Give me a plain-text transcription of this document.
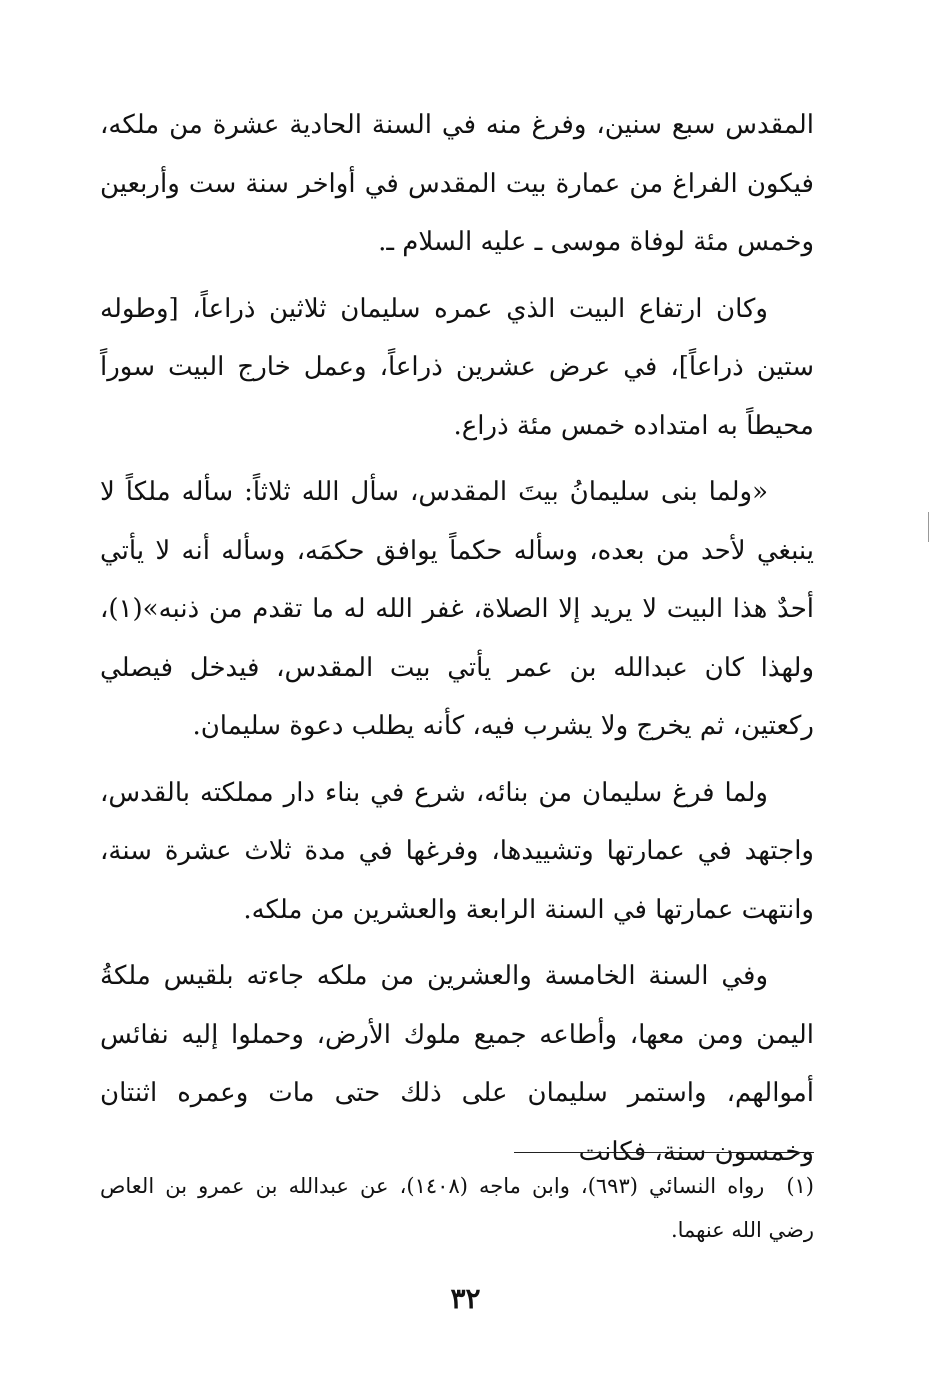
المقدس سبع سنين، وفرغ منه في السنة الحادية عشرة من ملكه، فيكون الفراغ من عمارة بيت المقدس في أواخر سنة ست وأربعين وخمس مئة لوفاة موسى ـ عليه السلام ـ.

وكان ارتفاع البيت الذي عمره سليمان ثلاثين ذراعاً، [وطوله ستين ذراعاً]، في عرض عشرين ذراعاً، وعمل خارج البيت سوراً محيطاً به امتداده خمس مئة ذراع.

«ولما بنى سليمانُ بيتَ المقدس، سأل الله ثلاثاً: سأله ملكاً لا ينبغي لأحد من بعده، وسأله حكماً يوافق حكمَه، وسأله أنه لا يأتي أحدٌ هذا البيت لا يريد إلا الصلاة، غفر الله له ما تقدم من ذنبه»(١)، ولهذا كان عبدالله بن عمر يأتي بيت المقدس، فيدخل فيصلي ركعتين، ثم يخرج ولا يشرب فيه، كأنه يطلب دعوة سليمان.

ولما فرغ سليمان من بنائه، شرع في بناء دار مملكته بالقدس، واجتهد في عمارتها وتشييدها، وفرغها في مدة ثلاث عشرة سنة، وانتهت عمارتها في السنة الرابعة والعشرين من ملكه.

وفي السنة الخامسة والعشرين من ملكه جاءته بلقيس ملكةُ اليمن ومن معها، وأطاعه جميع ملوك الأرض، وحملوا إليه نفائس أموالهم، واستمر سليمان على ذلك حتى مات وعمره اثنتان وخمسون سنة، فكانت

(١)رواه النسائي (٦٩٣)، وابن ماجه (١٤٠٨)، عن عبدالله بن عمرو بن العاص رضي الله عنهما.

٣٢
